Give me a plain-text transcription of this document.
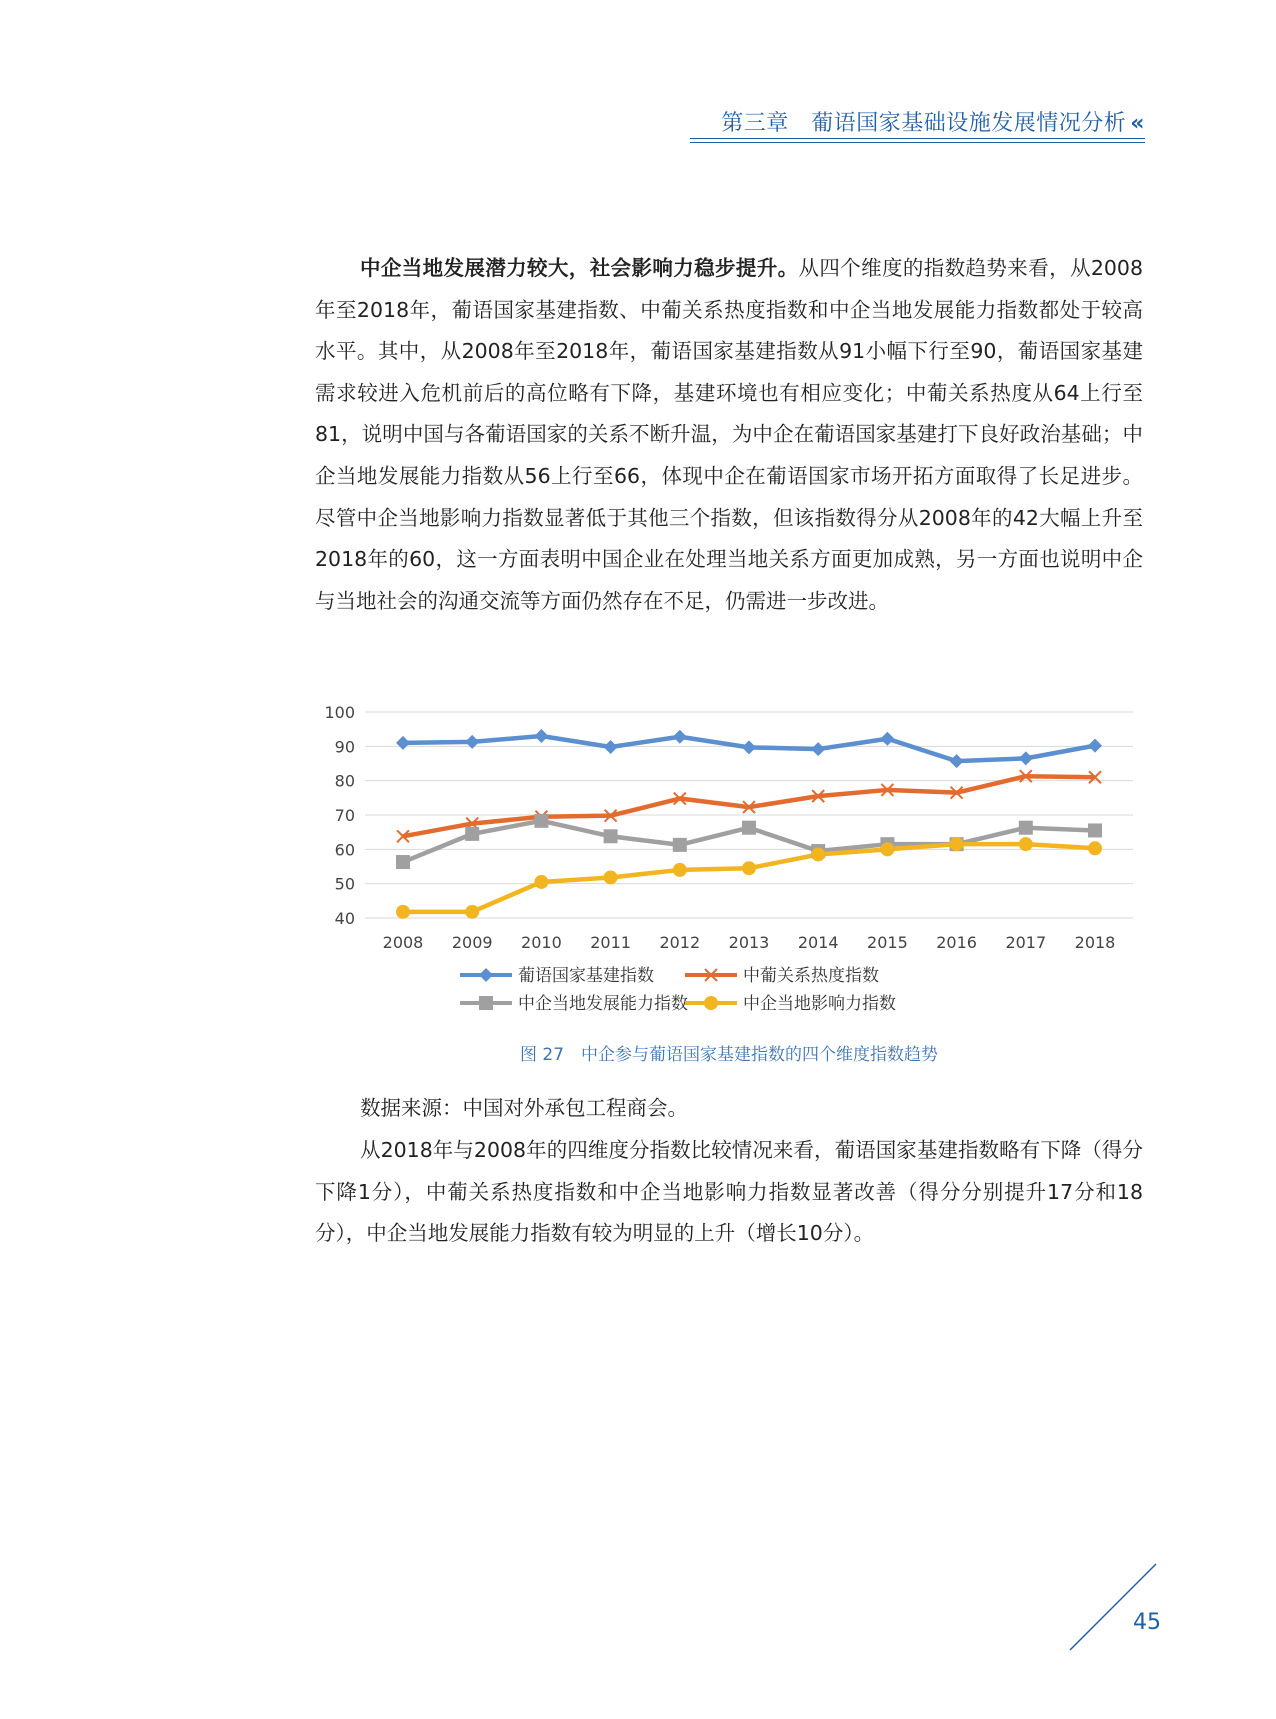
第三章　葡语国家基础设施发展情况分析 «

中企当地发展潜力较大，社会影响力稳步提升。从四个维度的指数趋势来看，从2008年至2018年，葡语国家基建指数、中葡关系热度指数和中企当地发展能力指数都处于较高水平。其中，从2008年至2018年，葡语国家基建指数从91小幅下行至90，葡语国家基建需求较进入危机前后的高位略有下降，基建环境也有相应变化；中葡关系热度从64上行至81，说明中国与各葡语国家的关系不断升温，为中企在葡语国家基建打下良好政治基础；中企当地发展能力指数从56上行至66，体现中企在葡语国家市场开拓方面取得了长足进步。尽管中企当地影响力指数显著低于其他三个指数，但该指数得分从2008年的42大幅上升至2018年的60，这一方面表明中国企业在处理当地关系方面更加成熟，另一方面也说明中企与当地社会的沟通交流等方面仍然存在不足，仍需进一步改进。

40
50
60
70
80
90
100
2008 2009 2010 2011 2012 2013 2014 2015 2016 2017 2018
葡语国家基建指数	中葡关系热度指数
中企当地发展能力指数	中企当地影响力指数
图 27　中企参与葡语国家基建指数的四个维度指数趋势

数据来源：中国对外承包工程商会。

从2018年与2008年的四维度分指数比较情况来看，葡语国家基建指数略有下降（得分下降1分），中葡关系热度指数和中企当地影响力指数显著改善（得分分别提升17分和18分），中企当地发展能力指数有较为明显的上升（增长10分）。

45
